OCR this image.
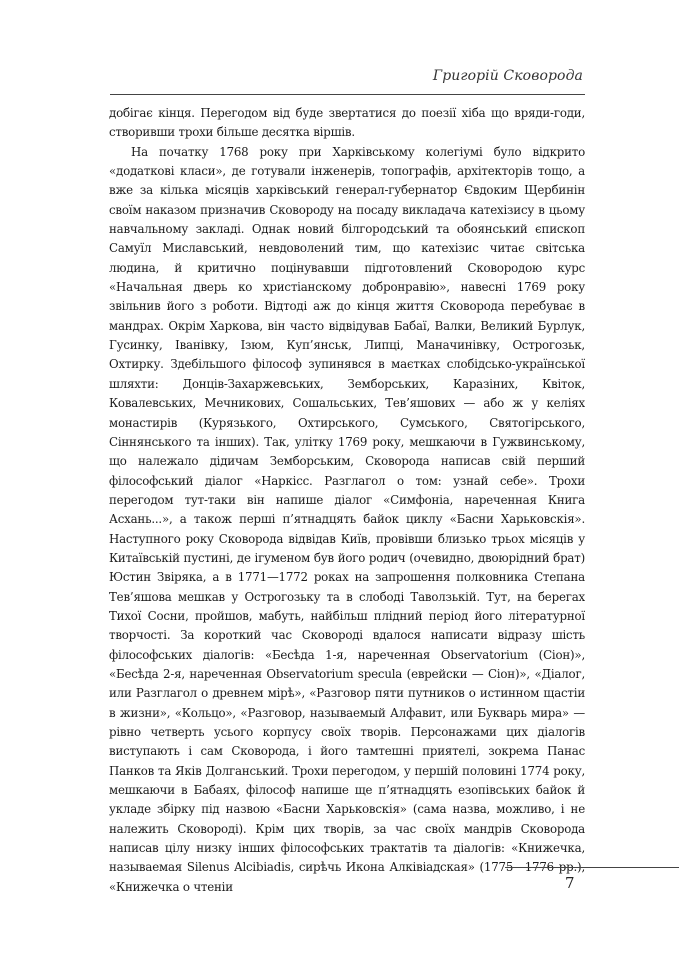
Григорій Сковорода

добігає кінця. Перегодом від буде звертатися до поезії хіба що вряди-годи, створивши трохи більше десятка віршів.

На початку 1768 року при Харківському колегіумі було відкрито «додаткові класи», де готували інженерів, топографів, архітекторів тощо, а вже за кілька місяців харківський генерал-губернатор Євдоким Щербинін своїм наказом призначив Сковороду на посаду викладача катехізису в цьому навчальному закладі. Однак новий білгородський та обоянський єпископ Самуїл Миславський, невдоволений тим, що катехізис читає світська людина, й критично поцінувавши підготовлений Сковородою курс «Начальная дверь ко христіанскому добронравію», навесні 1769 року звільнив його з роботи. Відтоді аж до кінця життя Сковорода перебуває в мандрах. Окрім Харкова, він часто відвідував Бабаї, Валки, Великий Бурлук, Гусинку, Іванівку, Ізюм, Куп’янськ, Липці, Маначинівку, Острогозьк, Охтирку. Здебільшого філософ зупинявся в маєтках слобідсько-української шляхти: Донців-Захаржевських, Земборських, Каразіних, Квіток, Ковалевських, Мечникових, Сошальських, Тев’яшових — або ж у келіях монастирів (Курязького, Охтирського, Сумського, Святогірського, Сіннянського та інших). Так, улітку 1769 року, мешкаючи в Гужвинському, що належало дідичам Земборським, Сковорода написав свій перший філософський діалог «Наркісс. Разглагол о том: узнай себе». Трохи перегодом тут-таки він напише діалог «Симфоніа, нареченная Книга Асхань...», а також перші п’ятнадцять байок циклу «Басни Харьковскія». Наступного року Сковорода відвідав Київ, провівши близько трьох місяців у Китаївській пустині, де ігуменом був його родич (очевидно, двоюрідний брат) Юстин Звіряка, а в 1771—1772 роках на запрошення полковника Степана Тев’яшова мешкав у Острогозьку та в слободі Таволзькій. Тут, на берегах Тихої Сосни, пройшов, мабуть, найбільш плідний період його літературної творчості. За короткий час Сковороді вдалося написати відразу шість філософських діалогів: «Бесѣда 1-я, нареченная Observatorium (Сіон)», «Бесѣда 2-я, нареченная Observatorium specula (еврейски — Сіон)», «Діалог, или Разглагол о древнем мірѣ», «Разговор пяти путников о истинном щастіи в жизни», «Кольцо», «Разговор, называемый Алфавит, или Букварь мира» — рівно четверть усього корпусу своїх творів. Персонажами цих діалогів виступають і сам Сковорода, і його тамтешні приятелі, зокрема Панас Панков та Яків Долганський. Трохи перегодом, у першій половині 1774 року, мешкаючи в Бабаях, філософ напише ще п’ятнадцять езопівських байок й укладе збірку під назвою «Басни Харьковскія» (сама назва, можливо, і не належить Сковороді). Крім цих творів, за час своїх мандрів Сковорода написав цілу низку інших філософських трактатів та діалогів: «Книжечка, называемая Silenus Alcibiadis, сирѣчь Икона Алківіадская» (1775—1776 рр.), «Книжечка о чтеніи	7
